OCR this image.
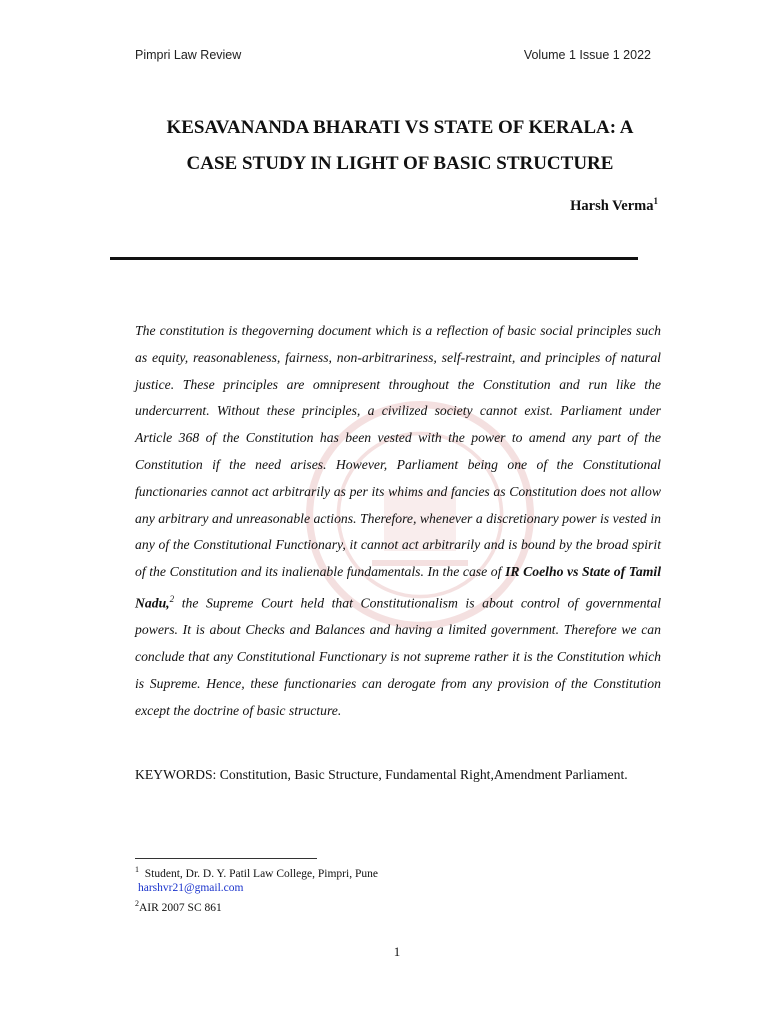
Pimpri Law Review	Volume 1 Issue 1 2022
KESAVANANDA BHARATI VS STATE OF KERALA: A
CASE STUDY IN LIGHT OF BASIC STRUCTURE
Harsh Verma$^1$
The constitution is thegoverning document which is a reflection of basic social principles such as equity, reasonableness, fairness, non-arbitrariness, self-restraint, and principles of natural justice. These principles are omnipresent throughout the Constitution and run like the undercurrent. Without these principles, a civilized society cannot exist. Parliament under Article 368 of the Constitution has been vested with the power to amend any part of the Constitution if the need arises. However, Parliament being one of the Constitutional functionaries cannot act arbitrarily as per its whims and fancies as Constitution does not allow any arbitrary and unreasonable actions. Therefore, whenever a discretionary power is vested in any of the Constitutional Functionary, it cannot act arbitrarily and is bound by the broad spirit of the Constitution and its inalienable fundamentals. In the case of IR Coelho vs State of Tamil Nadu,$^2$ the Supreme Court held that Constitutionalism is about control of governmental powers. It is about Checks and Balances and having a limited government. Therefore we can conclude that any Constitutional Functionary is not supreme rather it is the Constitution which is Supreme. Hence, these functionaries can derogate from any provision of the Constitution except the doctrine of basic structure.
KEYWORDS: Constitution, Basic Structure, Fundamental Right,Amendment Parliament.
$^1$ Student, Dr. D. Y. Patil Law College, Pimpri, Pune
harshvr21@gmail.com
$^2$AIR 2007 SC 861
1
